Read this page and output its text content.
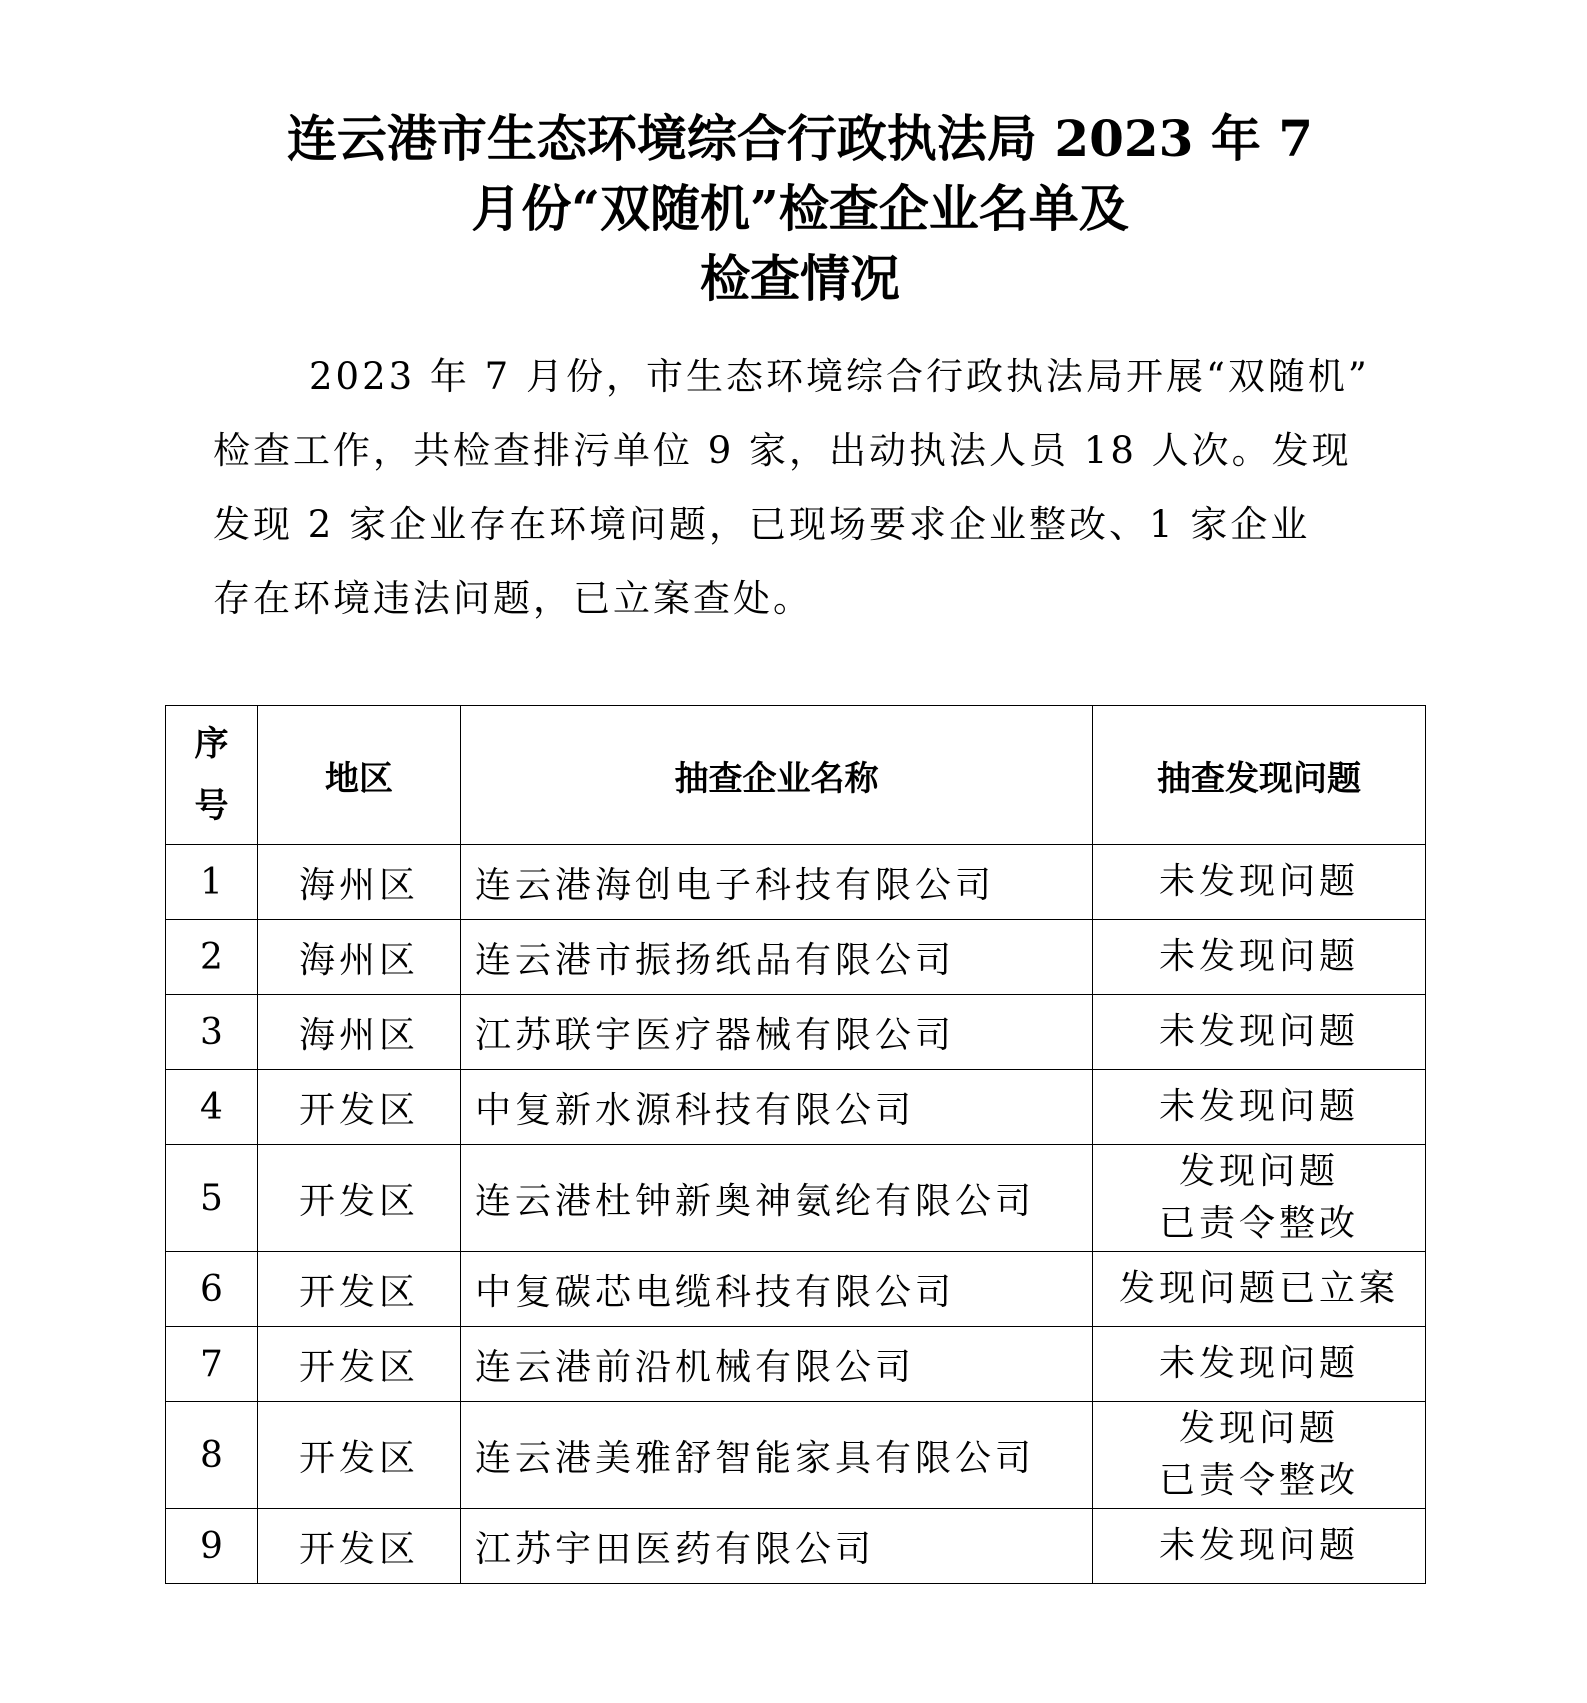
连云港市生态环境综合行政执法局 2023 年 7
月份“双随机”检查企业名单及
检查情况

2023 年 7 月份，市生态环境综合行政执法局开展“双随机”
检查工作，共检查排污单位 9 家，出动执法人员 18 人次。发现
发现 2 家企业存在环境问题，已现场要求企业整改、1 家企业
存在环境违法问题，已立案查处。

序
号	地区	抽查企业名称	抽查发现问题
1	海州区	连云港海创电子科技有限公司	未发现问题

2	海州区	连云港市振扬纸品有限公司	未发现问题

3	海州区	江苏联宇医疗器械有限公司	未发现问题

4	开发区	中复新水源科技有限公司	未发现问题

5	开发区	连云港杜钟新奥神氨纶有限公司	发现问题
已责令整改

6	开发区	中复碳芯电缆科技有限公司	发现问题已立案

7	开发区	连云港前沿机械有限公司	未发现问题

8	开发区	连云港美雅舒智能家具有限公司	发现问题
已责令整改

9	开发区	江苏宇田医药有限公司	未发现问题
